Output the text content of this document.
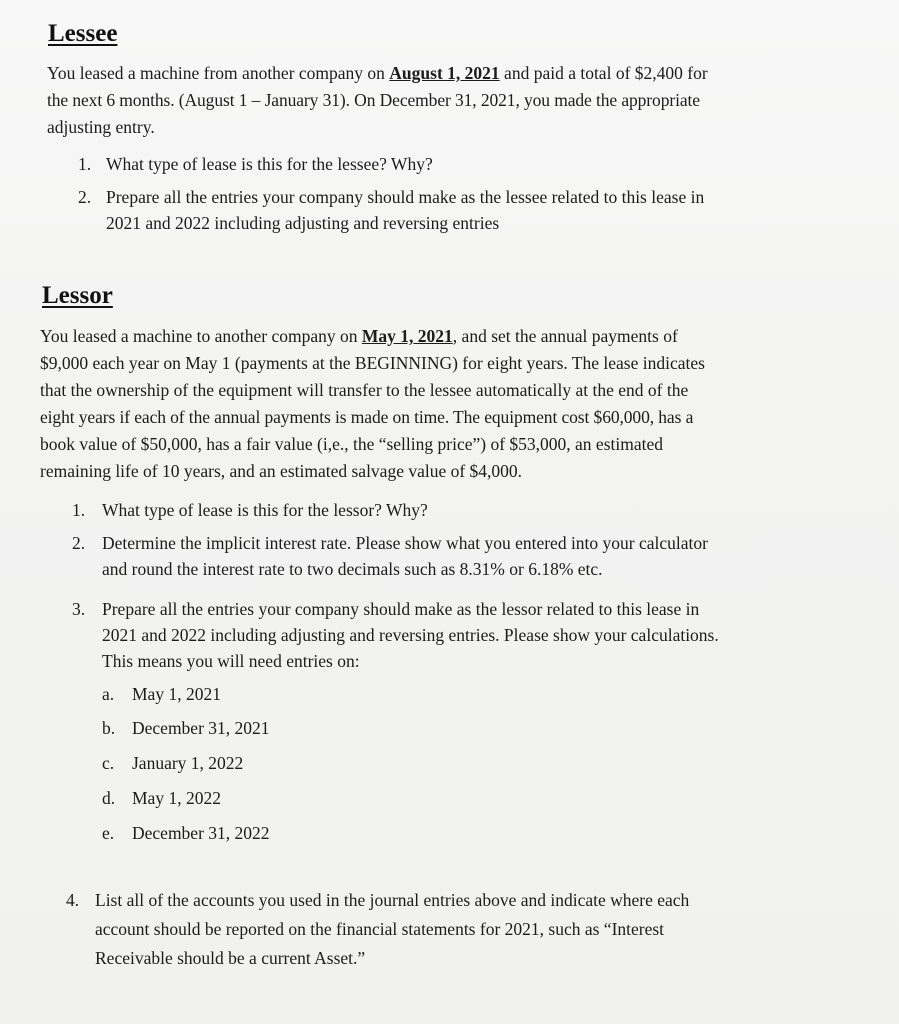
Lessee
You leased a machine from another company on August 1, 2021 and paid a total of $2,400 for
the next 6 months. (August 1 – January 31). On December 31, 2021, you made the appropriate
adjusting entry.
1. What type of lease is this for the lessee? Why?
2. Prepare all the entries your company should make as the lessee related to this lease in
2021 and 2022 including adjusting and reversing entries
Lessor
You leased a machine to another company on May 1, 2021, and set the annual payments of
$9,000 each year on May 1 (payments at the BEGINNING) for eight years. The lease indicates
that the ownership of the equipment will transfer to the lessee automatically at the end of the
eight years if each of the annual payments is made on time. The equipment cost $60,000, has a
book value of $50,000, has a fair value (i,e., the “selling price”) of $53,000, an estimated
remaining life of 10 years, and an estimated salvage value of $4,000.
1. What type of lease is this for the lessor? Why?
2. Determine the implicit interest rate. Please show what you entered into your calculator
and round the interest rate to two decimals such as 8.31% or 6.18% etc.
3. Prepare all the entries your company should make as the lessor related to this lease in
2021 and 2022 including adjusting and reversing entries. Please show your calculations.
This means you will need entries on:
a. May 1, 2021
b. December 31, 2021
c. January 1, 2022
d. May 1, 2022
e. December 31, 2022
4. List all of the accounts you used in the journal entries above and indicate where each
account should be reported on the financial statements for 2021, such as “Interest
Receivable should be a current Asset.”
